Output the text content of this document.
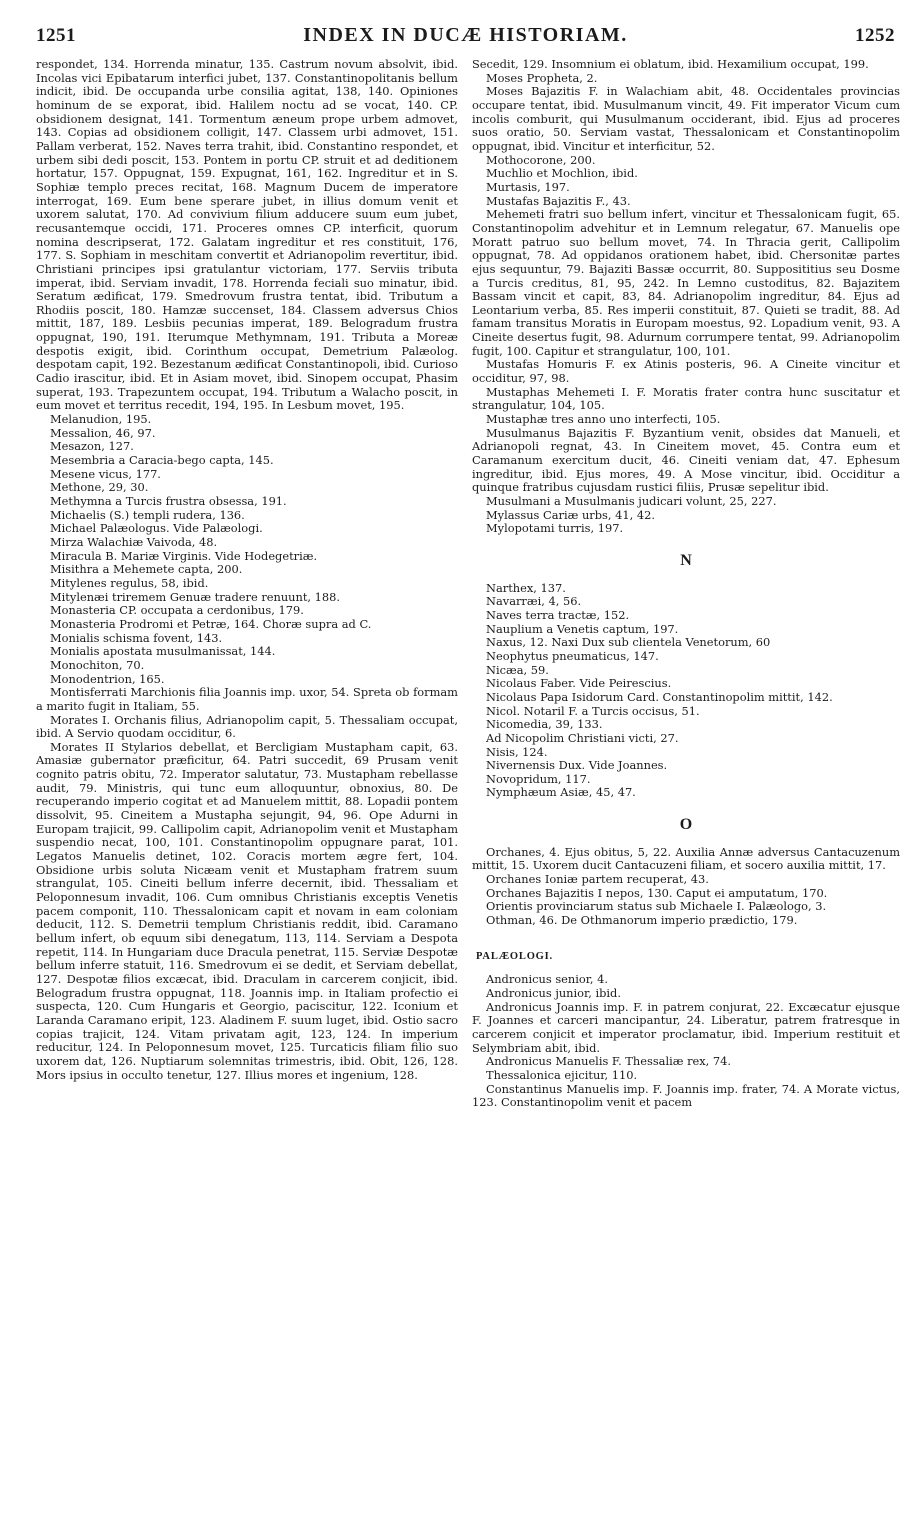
1251	INDEX IN DUCÆ HISTORIAM.	1252

respondet, 134. Horrenda minatur, 135. Castrum novum absolvit, ibid. Incolas vici Epibatarum interfici jubet, 137. Constantinopolitanis bellum indicit, ibid. De occupanda urbe consilia agitat, 138, 140. Opiniones hominum de se exporat, ibid. Halilem noctu ad se vocat, 140. CP. obsidionem designat, 141. Tormentum æneum prope urbem admovet, 143. Copias ad obsidionem colligit, 147. Classem urbi admovet, 151. Pallam verberat, 152. Naves terra trahit, ibid. Constantino respondet, et urbem sibi dedi poscit, 153. Pontem in portu CP. struit et ad deditionem hortatur, 157. Oppugnat, 159. Expugnat, 161, 162. Ingreditur et in S. Sophiæ templo preces recitat, 168. Magnum Ducem de imperatore interrogat, 169. Eum bene sperare jubet, in illius domum venit et uxorem salutat, 170. Ad convivium filium adducere suum eum jubet, recusantemque occidi, 171. Proceres omnes CP. interficit, quorum nomina descripserat, 172. Galatam ingreditur et res constituit, 176, 177. S. Sophiam in meschitam convertit et Adrianopolim revertitur, ibid. Christiani principes ipsi gratulantur victoriam, 177. Serviis tributa imperat, ibid. Serviam invadit, 178. Horrenda feciali suo minatur, ibid. Seratum ædificat, 179. Smedrovum frustra tentat, ibid. Tributum a Rhodiis poscit, 180. Hamzæ succenset, 184. Classem adversus Chios mittit, 187, 189. Lesbiis pecunias imperat, 189. Belogradum frustra oppugnat, 190, 191. Iterumque Methymnam, 191. Tributa a Moreæ despotis exigit, ibid. Corinthum occupat, Demetrium Palæolog. despotam capit, 192. Bezestanum ædificat Constantinopoli, ibid. Curioso Cadio irascitur, ibid. Et in Asiam movet, ibid. Sinopem occupat, Phasim superat, 193. Trapezuntem occupat, 194. Tributum a Walacho poscit, in eum movet et territus recedit, 194, 195. In Lesbum movet, 195.

Melanudion, 195.

Messalion, 46, 97.

Mesazon, 127.

Mesembria a Caracia-bego capta, 145.

Mesene vicus, 177.

Methone, 29, 30.

Methymna a Turcis frustra obsessa, 191.

Michaelis (S.) templi rudera, 136.

Michael Palæologus. Vide Palæologi.

Mirza Walachiæ Vaivoda, 48.

Miracula B. Mariæ Virginis. Vide Hodegetriæ.

Misithra a Mehemete capta, 200.

Mitylenes regulus, 58, ibid.

Mitylenæi triremem Genuæ tradere renuunt, 188.

Monasteria CP. occupata a cerdonibus, 179.

Monasteria Prodromi et Petræ, 164. Choræ supra ad C.

Monialis schisma fovent, 143.

Monialis apostata musulmanissat, 144.

Monochiton, 70.

Monodentrion, 165.

Montisferrati Marchionis filia Joannis imp. uxor, 54. Spreta ob formam a marito fugit in Italiam, 55.

Morates I. Orchanis filius, Adrianopolim capit, 5. Thessaliam occupat, ibid. A Servio quodam occiditur, 6.

Morates II Stylarios debellat, et Bercligiam Mustapham capit, 63. Amasiæ gubernator præficitur, 64. Patri succedit, 69 Prusam venit cognito patris obitu, 72. Imperator salutatur, 73. Mustapham rebellasse audit, 79. Ministris, qui tunc eum alloquuntur, obnoxius, 80. De recuperando imperio cogitat et ad Manuelem mittit, 88. Lopadii pontem dissolvit, 95. Cineitem a Mustapha sejungit, 94, 96. Ope Adurni in Europam trajicit, 99. Callipolim capit, Adrianopolim venit et Mustapham suspendio necat, 100, 101. Constantinopolim oppugnare parat, 101. Legatos Manuelis detinet, 102. Coracis mortem ægre fert, 104. Obsidione urbis soluta Nicæam venit et Mustapham fratrem suum strangulat, 105. Cineiti bellum inferre decernit, ibid. Thessaliam et Peloponnesum invadit, 106. Cum omnibus Christianis exceptis Venetis pacem componit, 110. Thessalonicam capit et novam in eam coloniam deducit, 112. S. Demetrii templum Christianis reddit, ibid. Caramano bellum infert, ob equum sibi denegatum, 113, 114. Serviam a Despota repetit, 114. In Hungariam duce Dracula penetrat, 115. Serviæ Despotæ bellum inferre statuit, 116. Smedrovum ei se dedit, et Serviam debellat, 127. Despotæ filios excæcat, ibid. Draculam in carcerem conjicit, ibid. Belogradum frustra oppugnat, 118. Joannis imp. in Italiam profectio ei suspecta, 120. Cum Hungaris et Georgio, paciscitur, 122. Iconium et Laranda Caramano eripit, 123. Aladinem F. suum luget, ibid. Ostio sacro copias trajicit, 124. Vitam privatam agit, 123, 124. In imperium reducitur, 124. In Peloponnesum movet, 125. Turcaticis filiam filio suo uxorem dat, 126. Nuptiarum solemnitas trimestris, ibid. Obit, 126, 128. Mors ipsius in occulto tenetur, 127. Illius mores et ingenium, 128.

Secedit, 129. Insomnium ei oblatum, ibid. Hexamilium occupat, 199.

Moses Propheta, 2.

Moses Bajazitis F. in Walachiam abit, 48. Occidentales provincias occupare tentat, ibid. Musulmanum vincit, 49. Fit imperator Vicum cum incolis comburit, qui Musulmanum occiderant, ibid. Ejus ad proceres suos oratio, 50. Serviam vastat, Thessalonicam et Constantinopolim oppugnat, ibid. Vincitur et interficitur, 52.

Mothocorone, 200.

Muchlio et Mochlion, ibid.

Murtasis, 197.

Mustafas Bajazitis F., 43.

Mehemeti fratri suo bellum infert, vincitur et Thessalonicam fugit, 65. Constantinopolim advehitur et in Lemnum relegatur, 67. Manuelis ope Moratt patruo suo bellum movet, 74. In Thracia gerit, Callipolim oppugnat, 78. Ad oppidanos orationem habet, ibid. Chersonitæ partes ejus sequuntur, 79. Bajaziti Bassæ occurrit, 80. Supposititius seu Dosme a Turcis creditus, 81, 95, 242. In Lemno custoditus, 82. Bajazitem Bassam vincit et capit, 83, 84. Adrianopolim ingreditur, 84. Ejus ad Leontarium verba, 85. Res imperii constituit, 87. Quieti se tradit, 88. Ad famam transitus Moratis in Europam moestus, 92. Lopadium venit, 93. A Cineite desertus fugit, 98. Adurnum corrumpere tentat, 99. Adrianopolim fugit, 100. Capitur et strangulatur, 100, 101.

Mustafas Homuris F. ex Atinis posteris, 96. A Cineite vincitur et occiditur, 97, 98.

Mustaphas Mehemeti I. F. Moratis frater contra hunc suscitatur et strangulatur, 104, 105.

Mustaphæ tres anno uno interfecti, 105.

Musulmanus Bajazitis F. Byzantium venit, obsides dat Manueli, et Adrianopoli regnat, 43. In Cineitem movet, 45. Contra eum et Caramanum exercitum ducit, 46. Cineiti veniam dat, 47. Ephesum ingreditur, ibid. Ejus mores, 49. A Mose vincitur, ibid. Occiditur a quinque fratribus cujusdam rustici filiis, Prusæ sepelitur ibid.

Musulmani a Musulmanis judicari volunt, 25, 227.

Mylassus Cariæ urbs, 41, 42.

Mylopotami turris, 197.

N

Narthex, 137.

Navarræi, 4, 56.

Naves terra tractæ, 152.

Nauplium a Venetis captum, 197.

Naxus, 12. Naxi Dux sub clientela Venetorum, 60

Neophytus pneumaticus, 147.

Nicæa, 59.

Nicolaus Faber. Vide Peirescius.

Nicolaus Papa Isidorum Card. Constantinopolim mittit, 142.

Nicol. Notaril F. a Turcis occisus, 51.

Nicomedia, 39, 133.

Ad Nicopolim Christiani victi, 27.

Nisis, 124.

Nivernensis Dux. Vide Joannes.

Novopridum, 117.

Nymphæum Asiæ, 45, 47.

O

Orchanes, 4. Ejus obitus, 5, 22. Auxilia Annæ adversus Cantacuzenum mittit, 15. Uxorem ducit Cantacuzeni filiam, et socero auxilia mittit, 17.

Orchanes Ioniæ partem recuperat, 43.

Orchanes Bajazitis I nepos, 130. Caput ei amputatum, 170.

Orientis provinciarum status sub Michaele I. Palæologo, 3.

Othman, 46. De Othmanorum imperio prædictio, 179.

PALÆOLOGI.

Andronicus senior, 4.

Andronicus junior, ibid.

Andronicus Joannis imp. F. in patrem conjurat, 22. Excæcatur ejusque F. Joannes et carceri mancipantur, 24. Liberatur, patrem fratresque in carcerem conjicit et imperator proclamatur, ibid. Imperium restituit et Selymbriam abit, ibid.

Andronicus Manuelis F. Thessaliæ rex, 74.

Thessalonica ejicitur, 110.

Constantinus Manuelis imp. F. Joannis imp. frater, 74. A Morate victus, 123. Constantinopolim venit et pacem
